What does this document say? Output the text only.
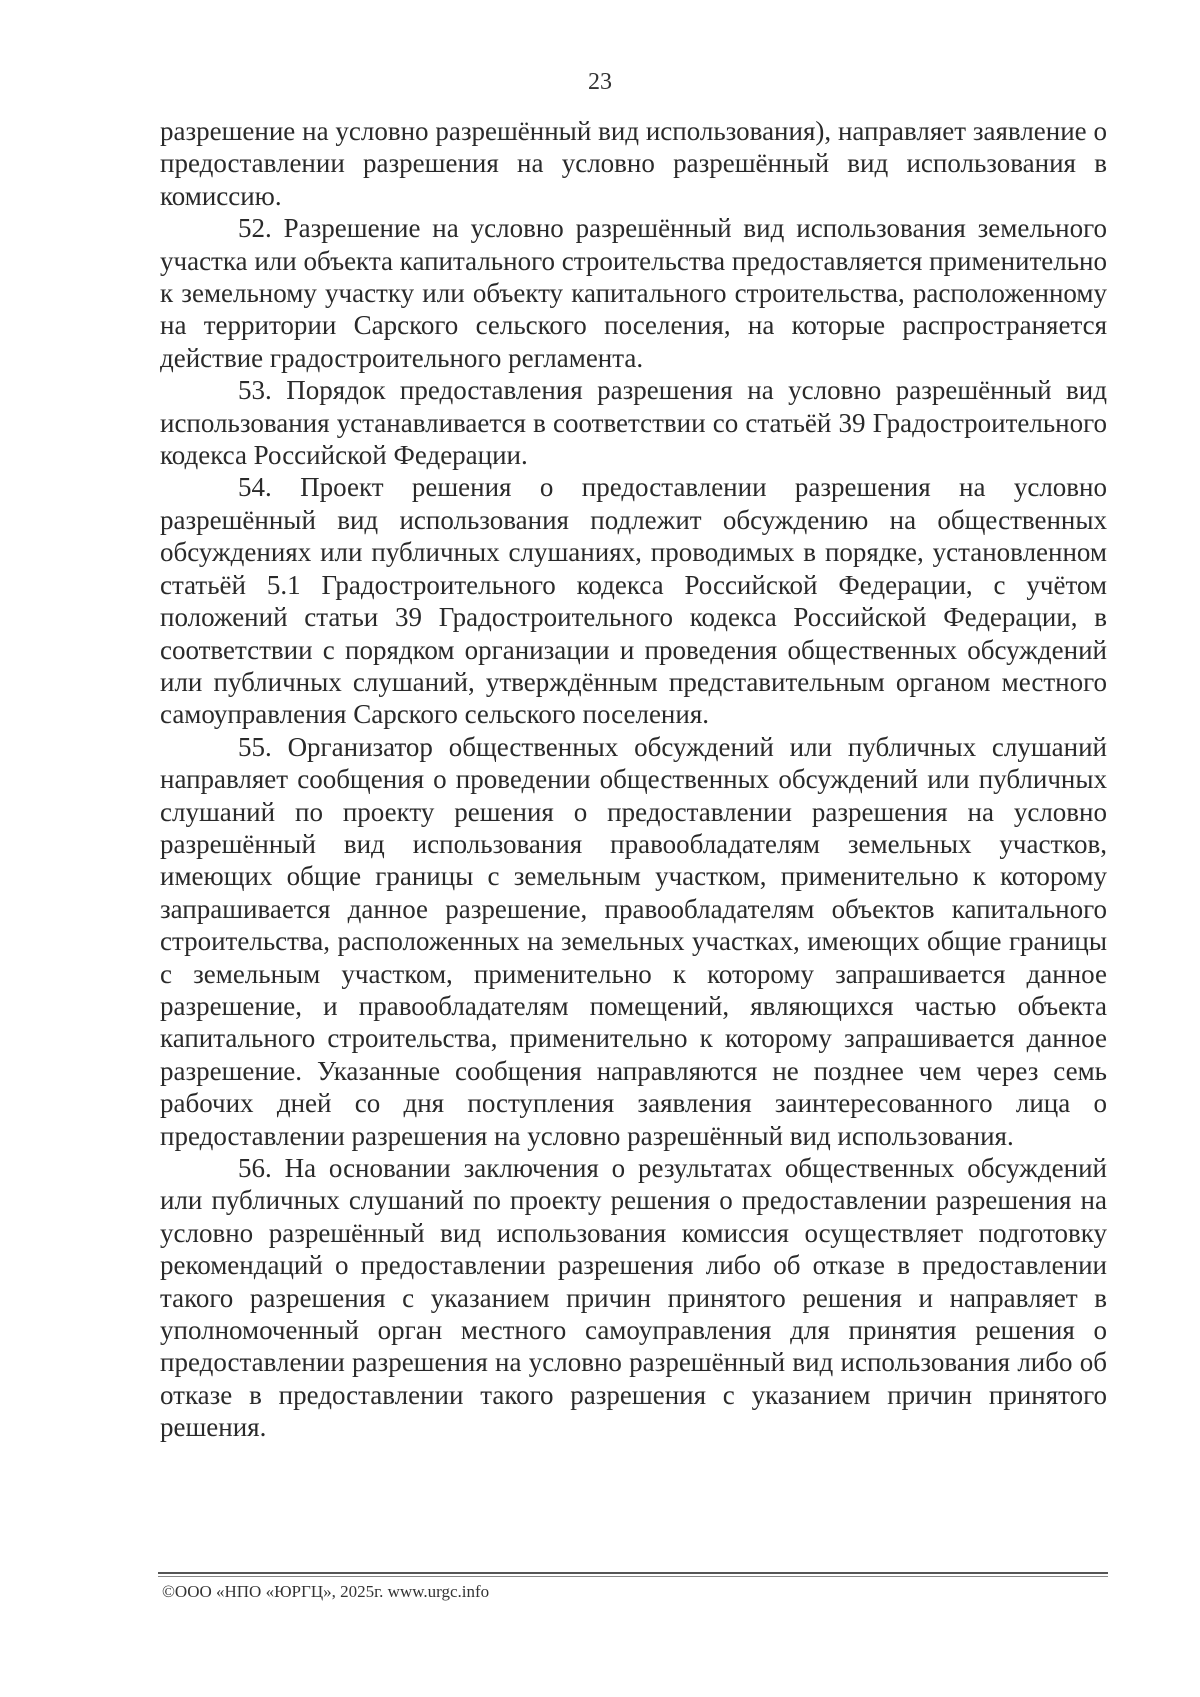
23

разрешение на условно разрешённый вид использования), направляет заявление о предоставлении разрешения на условно разрешённый вид использования в комиссию.

52. Разрешение на условно разрешённый вид использования земельного участка или объекта капитального строительства предоставляется применительно к земельному участку или объекту капитального строительства, расположенному на территории Сарского сельского поселения, на которые распространяется действие градостроительного регламента.

53. Порядок предоставления разрешения на условно разрешённый вид использования устанавливается в соответствии со статьёй 39 Градостроительного кодекса Российской Федерации.

54. Проект решения о предоставлении разрешения на условно разрешённый вид использования подлежит обсуждению на общественных обсуждениях или публичных слушаниях, проводимых в порядке, установленном статьёй 5.1 Градостроительного кодекса Российской Федерации, с учётом положений статьи 39 Градостроительного кодекса Российской Федерации, в соответствии с порядком организации и проведения общественных обсуждений или публичных слушаний, утверждённым представительным органом местного самоуправления Сарского сельского поселения.

55. Организатор общественных обсуждений или публичных слушаний направляет сообщения о проведении общественных обсуждений или публичных слушаний по проекту решения о предоставлении разрешения на условно разрешённый вид использования правообладателям земельных участков, имеющих общие границы с земельным участком, применительно к которому запрашивается данное разрешение, правообладателям объектов капитального строительства, расположенных на земельных участках, имеющих общие границы с земельным участком, применительно к которому запрашивается данное разрешение, и правообладателям помещений, являющихся частью объекта капитального строительства, применительно к которому запрашивается данное разрешение. Указанные сообщения направляются не позднее чем через семь рабочих дней со дня поступления заявления заинтересованного лица о предоставлении разрешения на условно разрешённый вид использования.

56. На основании заключения о результатах общественных обсуждений или публичных слушаний по проекту решения о предоставлении разрешения на условно разрешённый вид использования комиссия осуществляет подготовку рекомендаций о предоставлении разрешения либо об отказе в предоставлении такого разрешения с указанием причин принятого решения и направляет в уполномоченный орган местного самоуправления для принятия решения о предоставлении разрешения на условно разрешённый вид использования либо об отказе в предоставлении такого разрешения с указанием причин принятого решения.

©ООО «НПО «ЮРГЦ», 2025г. www.urgc.info
